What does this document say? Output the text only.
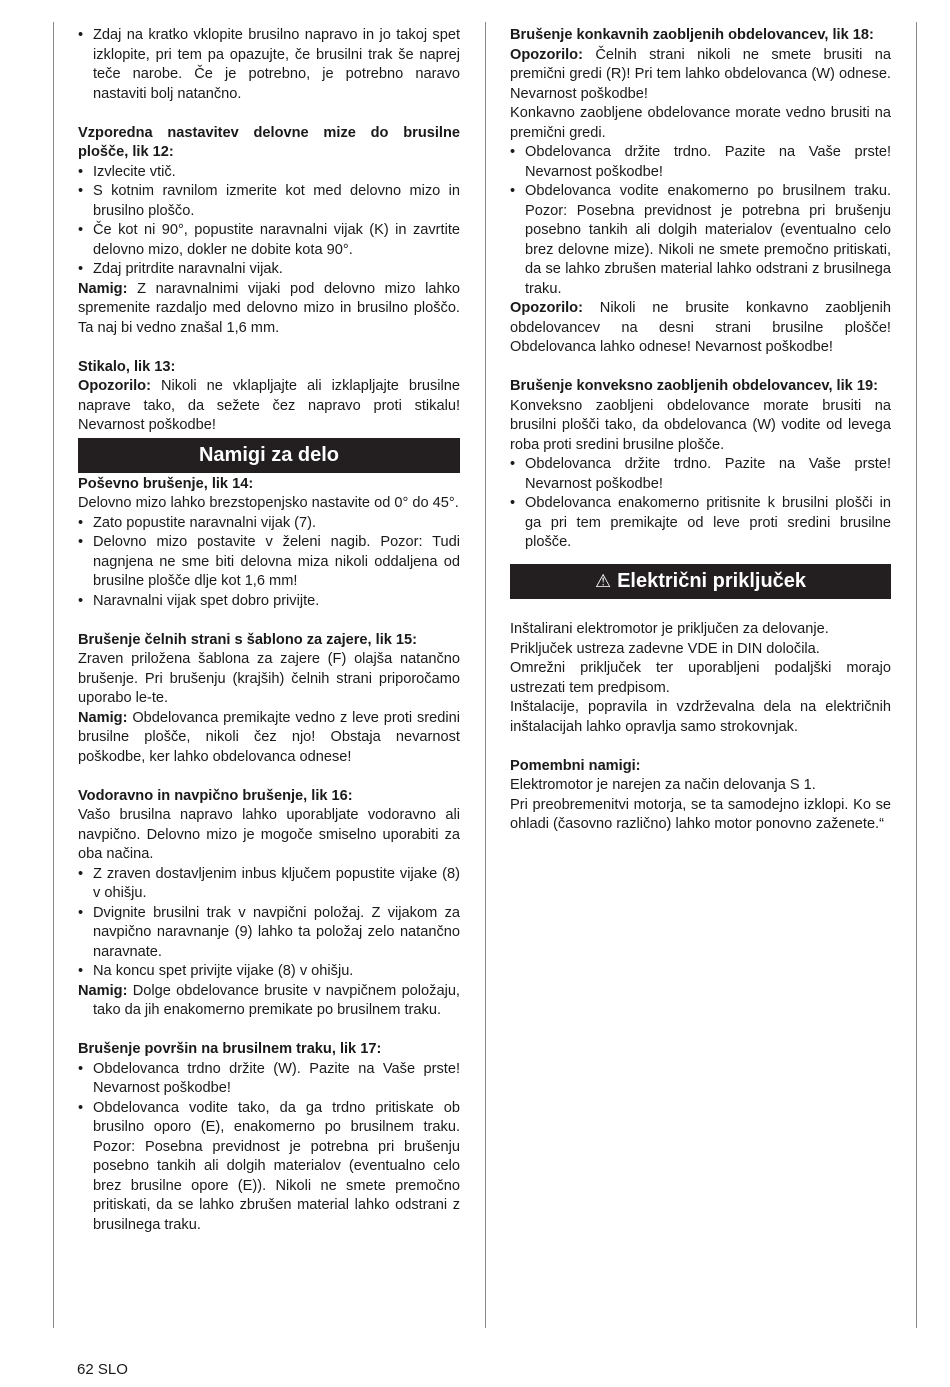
• Zdaj na kratko vklopite brusilno napravo in jo takoj spet izklopite, pri tem pa opazujte, če brusilni trak še naprej teče narobe. Če je potrebno, je potrebno naravo nastaviti bolj natančno.

Vzporedna nastavitev delovne mize do brusilne plošče, lik 12:

• Izvlecite vtič.

• S kotnim ravnilom izmerite kot med delovno mizo in brusilno ploščo.

• Če kot ni 90°, popustite naravnalni vijak (K) in zavrtite delovno mizo, dokler ne dobite kota 90°.

• Zdaj pritrdite naravnalni vijak.

Namig: Z naravnalnimi vijaki pod delovno mizo lahko spremenite razdaljo med delovno mizo in brusilno ploščo. Ta naj bi vedno znašal 1,6 mm.

Stikalo, lik 13:

Opozorilo: Nikoli ne vklapljajte ali izklapljajte brusilne naprave tako, da sežete čez napravo proti stikalu! Nevarnost poškodbe!

Namigi za delo

Poševno brušenje, lik 14:

Delovno mizo lahko brezstopenjsko nastavite od 0° do 45°.

• Zato popustite naravnalni vijak (7).

• Delovno mizo postavite v želeni nagib. Pozor: Tudi nagnjena ne sme biti delovna miza nikoli oddaljena od brusilne plošče dlje kot 1,6 mm!

• Naravnalni vijak spet dobro privijte.

Brušenje čelnih strani s šablono za zajere, lik 15:

Zraven priložena šablona za zajere (F) olajša natančno brušenje. Pri brušenju (krajših) čelnih strani priporočamo uporabo le-te.

Namig: Obdelovanca premikajte vedno z leve proti sredini brusilne plošče, nikoli čez njo! Obstaja nevarnost poškodbe, ker lahko obdelovanca odnese!

Vodoravno in navpično brušenje, lik 16:

Vašo brusilna napravo lahko uporabljate vodoravno ali navpično. Delovno mizo je mogoče smiselno uporabiti za oba načina.

• Z zraven dostavljenim inbus ključem popustite vijake (8) v ohišju.

• Dvignite brusilni trak v navpični položaj. Z vijakom za navpično naravnanje (9) lahko ta položaj zelo natančno naravnate.

• Na koncu spet privijte vijake (8) v ohišju.

Namig: Dolge obdelovance brusite v navpičnem položaju, tako da jih enakomerno premikate po brusilnem traku.

Brušenje površin na brusilnem traku, lik 17:

• Obdelovanca trdno držite (W). Pazite na Vaše prste! Nevarnost poškodbe!

• Obdelovanca vodite tako, da ga trdno pritiskate ob brusilno oporo (E), enakomerno po brusilnem traku. Pozor: Posebna previdnost je potrebna pri brušenju posebno tankih ali dolgih materialov (eventualno celo brez brusilne opore (E)). Nikoli ne smete premočno pritiskati, da se lahko zbrušen material lahko odstrani z brusilnega traku.

Brušenje konkavnih zaobljenih obdelovancev, lik 18:

Opozorilo: Čelnih strani nikoli ne smete brusiti na premični gredi (R)! Pri tem lahko obdelovanca (W) odnese. Nevarnost poškodbe!

Konkavno zaobljene obdelovance morate vedno brusiti na premični gredi.

• Obdelovanca držite trdno. Pazite na Vaše prste! Nevarnost poškodbe!

• Obdelovanca vodite enakomerno po brusilnem traku. Pozor: Posebna previdnost je potrebna pri brušenju posebno tankih ali dolgih materialov (eventualno celo brez delovne mize). Nikoli ne smete premočno pritiskati, da se lahko zbrušen material lahko odstrani z brusilnega traku.

Opozorilo: Nikoli ne brusite konkavno zaobljenih obdelovancev na desni strani brusilne plošče! Obdelovanca lahko odnese! Nevarnost poškodbe!

Brušenje konveksno zaobljenih obdelovancev, lik 19:

Konveksno zaobljeni obdelovance morate brusiti na brusilni plošči tako, da obdelovanca (W) vodite od levega roba proti sredini brusilne plošče.

• Obdelovanca držite trdno. Pazite na Vaše prste! Nevarnost poškodbe!

• Obdelovanca enakomerno pritisnite k brusilni plošči in ga pri tem premikajte od leve proti sredini brusilne plošče.

⚠ Električni priključek

Inštalirani elektromotor je priključen za delovanje.

Priključek ustreza zadevne VDE in DIN določila.

Omrežni priključek ter uporabljeni podaljški morajo ustrezati tem predpisom.

Inštalacije, popravila in vzdrževalna dela na električnih inštalacijah lahko opravlja samo strokovnjak.

Pomembni namigi:

Elektromotor je narejen za način delovanja S 1.

Pri preobremenitvi motorja, se ta samodejno izklopi. Ko se ohladi (časovno različno) lahko motor ponovno zaženete.“

62 SLO
